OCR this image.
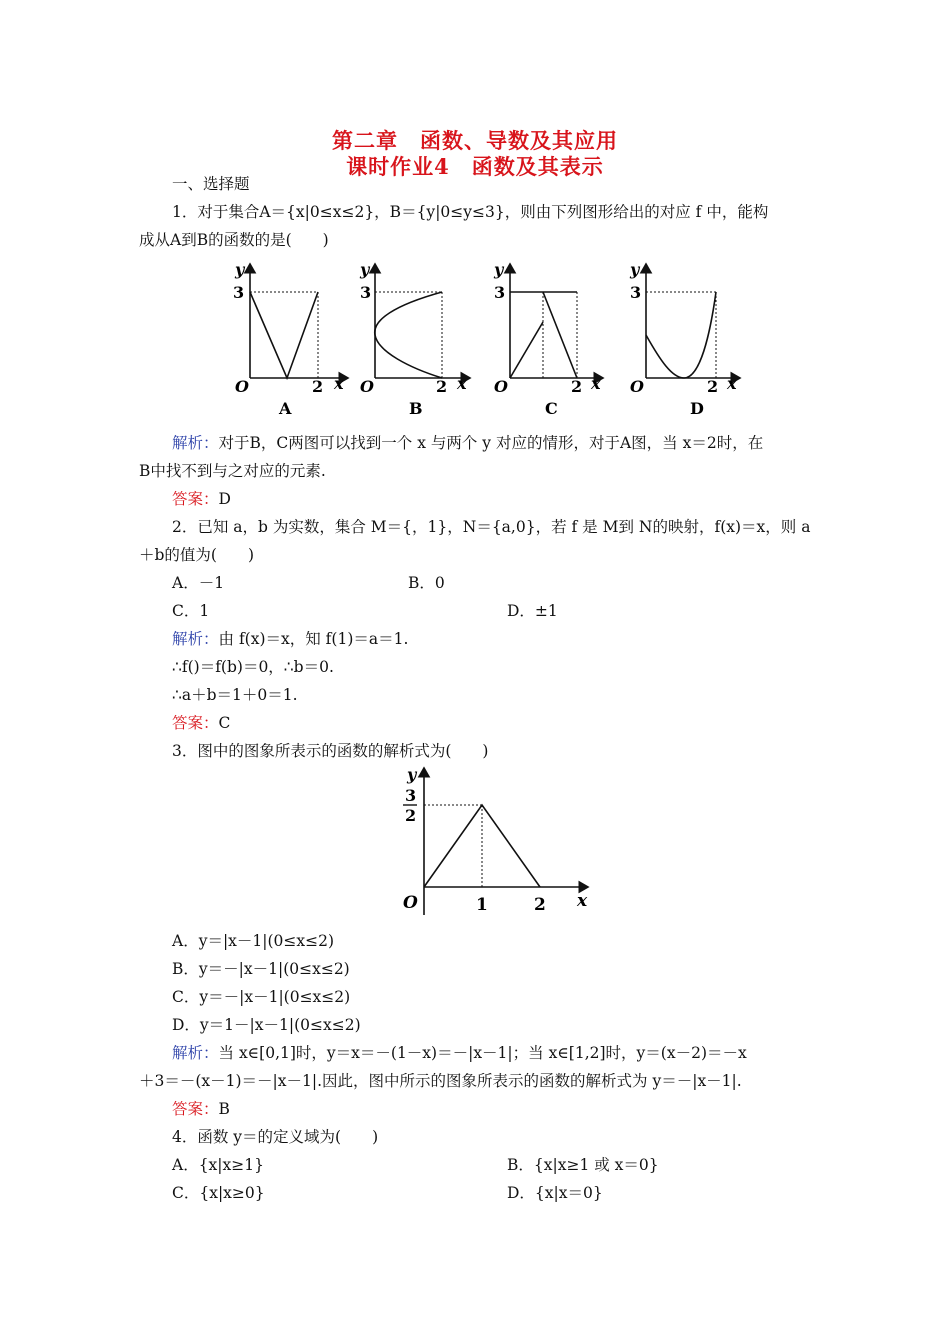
第二章　函数、导数及其应用
课时作业4　函数及其表示
一、选择题
1．对于集合A＝{x|0≤x≤2}，B＝{y|0≤y≤3}，则由下列图形给出的对应 f 中，能构
成从A到B的函数的是(　　)
y
3
O	2 x
A
y
3
O	2 x
B
y
3
O	2 x
C
y
3
O	2 x
D
解析：对于B，C两图可以找到一个 x 与两个 y 对应的情形，对于A图，当 x＝2时，在
B中找不到与之对应的元素.
答案：D
2．已知 a，b 为实数，集合 M＝{，1}，N＝{a,0}，若 f 是 M到 N的映射，f(x)＝x，则 a
＋b的值为(　　)
A．－1	B．0
C．1	D．±1
解析：由 f(x)＝x，知 f(1)＝a＝1.
∴f()＝f(b)＝0，∴b＝0.
∴a＋b＝1＋0＝1.
答案：C
3．图中的图象所表示的函数的解析式为(　　)
y
3
2
O	1	2 x
A．y＝|x－1|(0≤x≤2)
B．y＝－|x－1|(0≤x≤2)
C．y＝－|x－1|(0≤x≤2)
D．y＝1－|x－1|(0≤x≤2)
解析：当 x∈[0,1]时，y＝x＝－(1－x)＝－|x－1|；当 x∈[1,2]时，y＝(x－2)＝－x
＋3＝－(x－1)＝－|x－1|.因此，图中所示的图象所表示的函数的解析式为 y＝－|x－1|.
答案：B
4．函数 y＝的定义域为(　　)
A．{x|x≥1}	B．{x|x≥1 或 x＝0}
C．{x|x≥0}	D．{x|x＝0}
